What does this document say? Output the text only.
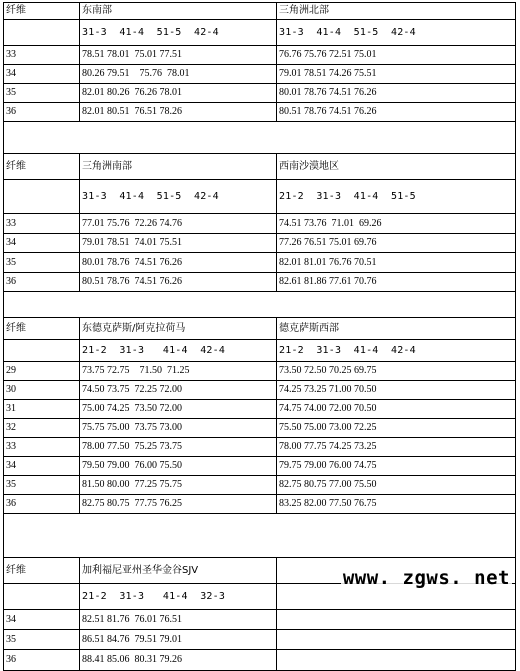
纤维	东南部	三角洲北部
	31-3  41-4  51-5  42-4	31-3  41-4  51-5  42-4
33	78.51 78.01  75.01 77.51	76.76 75.76 72.51 75.01
34	80.26 79.51    75.76  78.01	79.01 78.51 74.26 75.51
35	82.01 80.26  76.26 78.01	80.01 78.76 74.51 76.26
36	82.01 80.51  76.51 78.26	80.51 78.76 74.51 76.26

纤维	三角洲南部	西南沙漠地区
	31-3  41-4  51-5  42-4	21-2  31-3  41-4  51-5
33	77.01 75.76  72.26 74.76	74.51 73.76  71.01  69.26
34	79.01 78.51  74.01 75.51	77.26 76.51 75.01 69.76
35	80.01 78.76  74.51 76.26	82.01 81.01 76.76 70.51
36	80.51 78.76  74.51 76.26	82.61 81.86 77.61 70.76

纤维	东德克萨斯/阿克拉荷马	德克萨斯西部
	21-2  31-3   41-4  42-4	21-2  31-3  41-4  42-4
29	73.75 72.75    71.50  71.25	73.50 72.50 70.25 69.75
30	74.50 73.75  72.25 72.00	74.25 73.25 71.00 70.50
31	75.00 74.25  73.50 72.00	74.75 74.00 72.00 70.50
32	75.75 75.00  73.75 73.00	75.50 75.00 73.00 72.25
33	78.00 77.50  75.25 73.75	78.00 77.75 74.25 73.25
34	79.50 79.00  76.00 75.50	79.75 79.00 76.00 74.75
35	81.50 80.00  77.25 75.75	82.75 80.75 77.00 75.50
36	82.75 80.75  77.75 76.25	83.25 82.00 77.50 76.75

纤维	加利福尼亚州圣华金谷SJV	
	21-2  31-3   41-4  32-3	
34	82.51 81.76  76.01 76.51	
35	86.51 84.76  79.51 79.01	
36	88.41 85.06  80.31 79.26	
www. zgws. net
